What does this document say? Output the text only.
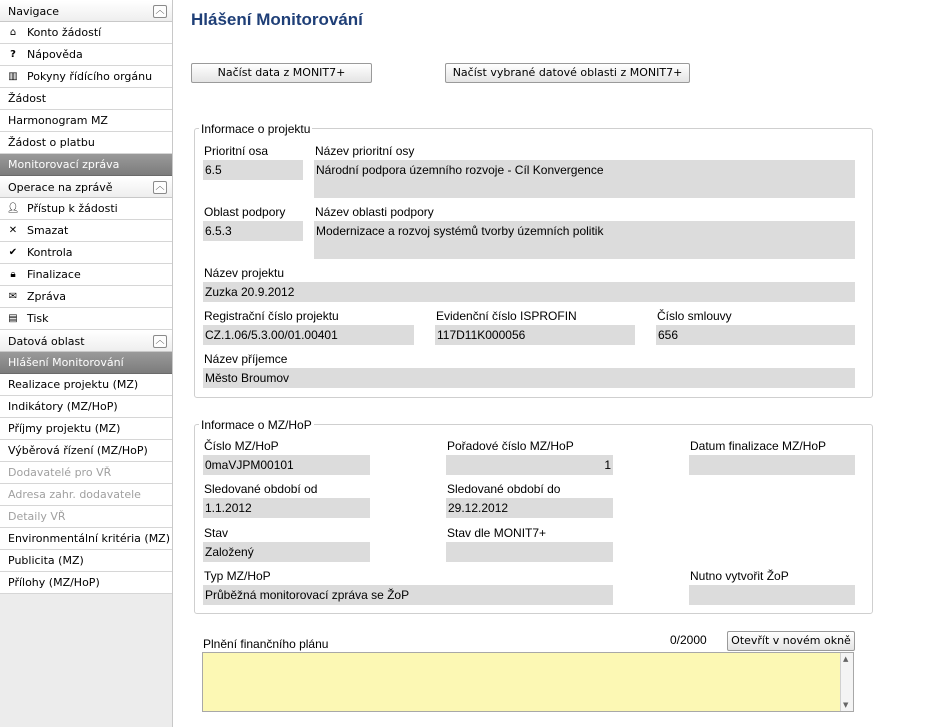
Navigace	︿
⌂ Konto žádostí
?	Nápověda
▥ Pokyny řídícího orgánu
Žádost
Harmonogram MZ
Žádost o platbu
Monitorovací zpráva
Operace na zprávě	︿
👤︎ Přístup k žádosti
✕ Smazat
✔ Kontrola
🔒︎	Finalizace
✉ Zpráva
▤ Tisk
Datová oblast	︿
Hlášení Monitorování
Realizace projektu (MZ)
Indikátory (MZ/HoP)
Příjmy projektu (MZ)
Výběrová řízení (MZ/HoP)
Dodavatelé pro VŘ
Adresa zahr. dodavatele
Detaily VŘ
Environmentální kritéria (MZ)
Publicita (MZ)
Přílohy (MZ/HoP)
Hlášení Monitorování
Načíst data z MONIT7+	Načíst vybrané datové oblasti z MONIT7+
Informace o projektu
Prioritní osa
6.5
Název prioritní osy
Národní podpora územního rozvoje - Cíl Konvergence
Oblast podpory
6.5.3
Název oblasti podpory
Modernizace a rozvoj systémů tvorby územních politik
Název projektu
Zuzka 20.9.2012
Registrační číslo projektu
CZ.1.06/5.3.00/01.00401
Evidenční číslo ISPROFIN
117D11K000056
Číslo smlouvy
656
Název příjemce
Město Broumov
Informace o MZ/HoP
Číslo MZ/HoP
0maVJPM00101
Pořadové číslo MZ/HoP
1
Datum finalizace MZ/HoP
Sledované období od
1.1.2012
Sledované období do
29.12.2012
Stav
Založený
Stav dle MONIT7+
Typ MZ/HoP
Průběžná monitorovací zpráva se ŽoP
Nutno vytvořit ŽoP
Plnění finančního plánu	0/2000	Otevřít v novém okně
▲
▼
